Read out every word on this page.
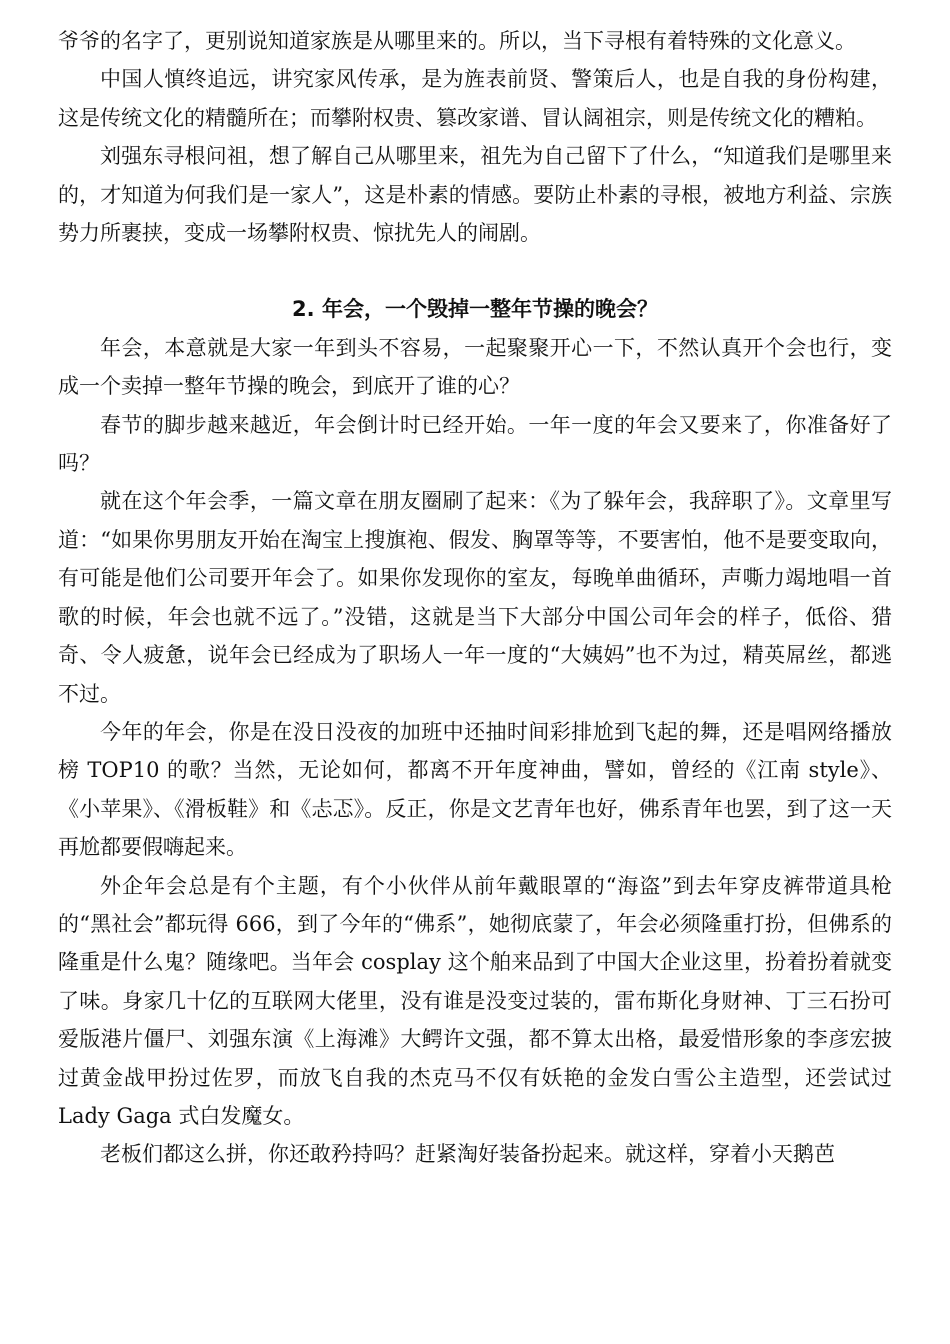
爷爷的名字了，更别说知道家族是从哪里来的。所以，当下寻根有着特殊的文化意义。

中国人慎终追远，讲究家风传承，是为旌表前贤、警策后人，也是自我的身份构建，这是传统文化的精髓所在；而攀附权贵、篡改家谱、冒认阔祖宗，则是传统文化的糟粕。

刘强东寻根问祖，想了解自己从哪里来，祖先为自己留下了什么，“知道我们是哪里来的，才知道为何我们是一家人”，这是朴素的情感。要防止朴素的寻根，被地方利益、宗族势力所裹挟，变成一场攀附权贵、惊扰先人的闹剧。

2. 年会，一个毁掉一整年节操的晚会？

年会，本意就是大家一年到头不容易，一起聚聚开心一下，不然认真开个会也行，变成一个卖掉一整年节操的晚会，到底开了谁的心？

春节的脚步越来越近，年会倒计时已经开始。一年一度的年会又要来了，你准备好了吗？

就在这个年会季，一篇文章在朋友圈刷了起来：《为了躲年会，我辞职了》。文章里写道：“如果你男朋友开始在淘宝上搜旗袍、假发、胸罩等等，不要害怕，他不是要变取向，有可能是他们公司要开年会了。如果你发现你的室友，每晚单曲循环，声嘶力竭地唱一首歌的时候，年会也就不远了。”没错，这就是当下大部分中国公司年会的样子，低俗、猎奇、令人疲惫，说年会已经成为了职场人一年一度的“大姨妈”也不为过，精英屌丝，都逃不过。

今年的年会，你是在没日没夜的加班中还抽时间彩排尬到飞起的舞，还是唱网络播放榜 TOP10 的歌？当然，无论如何，都离不开年度神曲，譬如，曾经的《江南 style》、《小苹果》、《滑板鞋》和《忐忑》。反正，你是文艺青年也好，佛系青年也罢，到了这一天再尬都要假嗨起来。

外企年会总是有个主题，有个小伙伴从前年戴眼罩的“海盗”到去年穿皮裤带道具枪的“黑社会”都玩得 666，到了今年的“佛系”，她彻底蒙了，年会必须隆重打扮，但佛系的隆重是什么鬼？随缘吧。当年会 cosplay 这个舶来品到了中国大企业这里，扮着扮着就变了味。身家几十亿的互联网大佬里，没有谁是没变过装的，雷布斯化身财神、丁三石扮可爱版港片僵尸、刘强东演《上海滩》大鳄许文强，都不算太出格，最爱惜形象的李彦宏披过黄金战甲扮过佐罗，而放飞自我的杰克马不仅有妖艳的金发白雪公主造型，还尝试过 Lady Gaga 式白发魔女。

老板们都这么拼，你还敢矜持吗？赶紧淘好装备扮起来。就这样，穿着小天鹅芭
